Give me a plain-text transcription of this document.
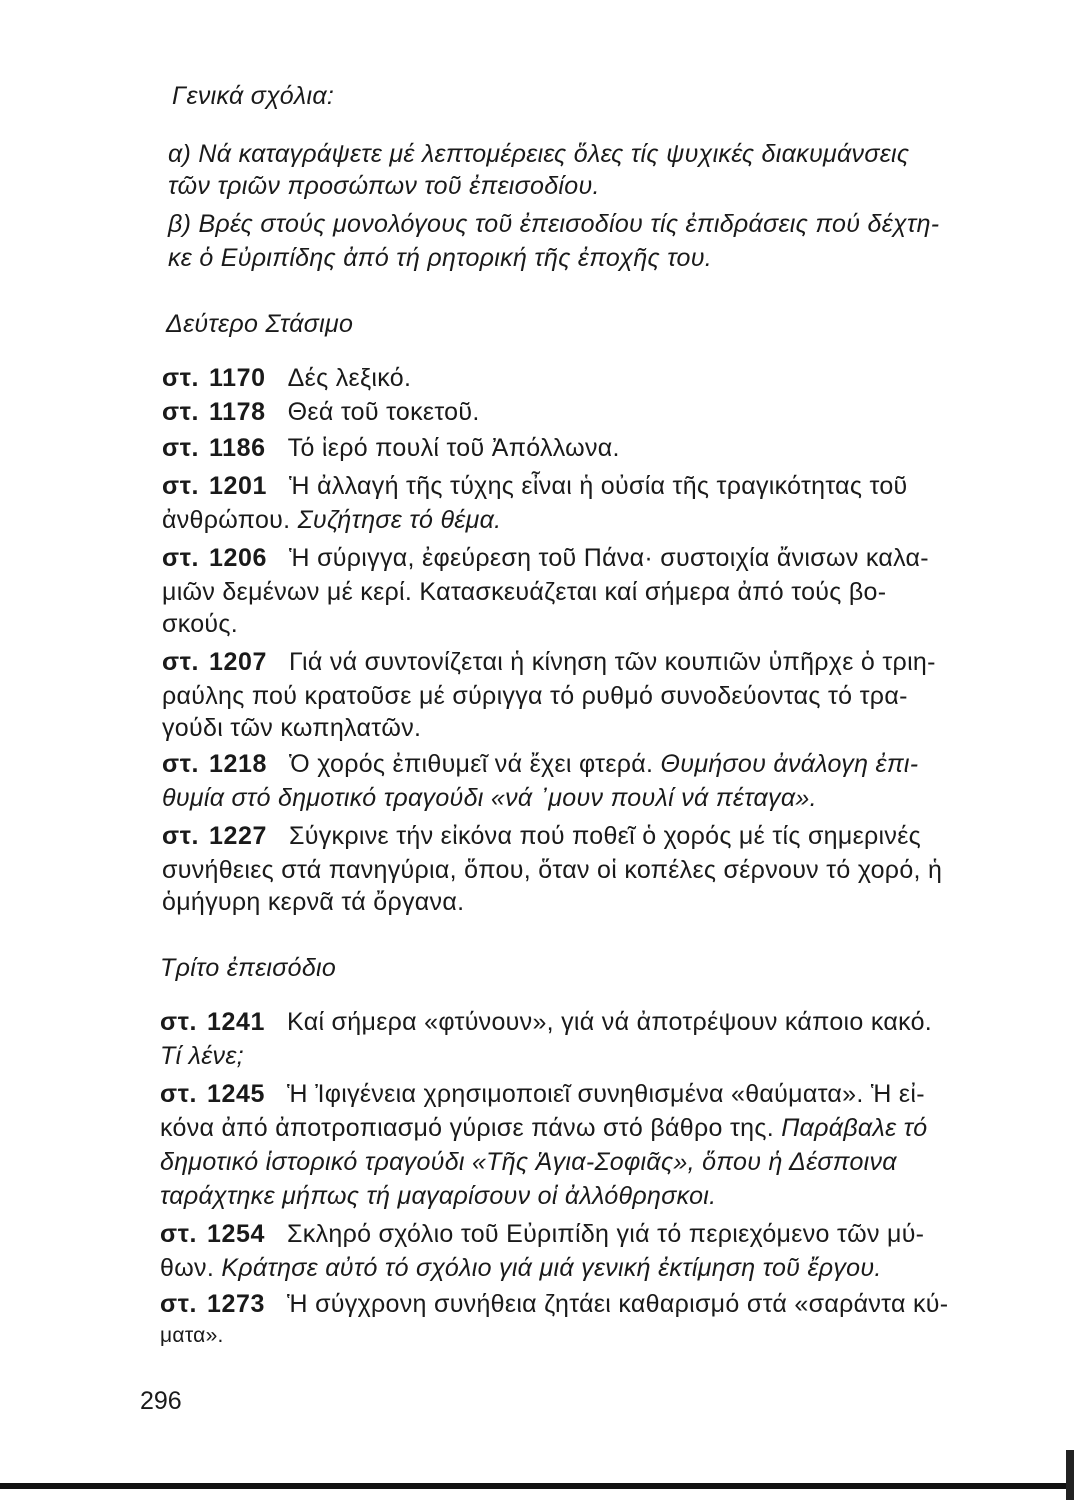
Γενικά σχόλια:

α) Νά καταγράψετε μέ λεπτομέρειες ὅλες τίς ψυχικές διακυμάνσεις

τῶν τριῶν προσώπων τοῦ ἐπεισοδίου.

β) Βρές στούς μονολόγους τοῦ ἐπεισοδίου τίς ἐπιδράσεις πού δέχτη-

κε ὁ Εὐριπίδης ἀπό τή ρητορική τῆς ἐποχῆς του.

Δεύτερο Στάσιμο

στ. 1170 Δές λεξικό.

στ. 1178 Θεά τοῦ τοκετοῦ.

στ. 1186 Τό ἱερό πουλί τοῦ Ἀπόλλωνα.

στ. 1201 Ἡ ἀλλαγή τῆς τύχης εἶναι ἡ οὐσία τῆς τραγικότητας τοῦ

ἀνθρώπου. Συζήτησε τό θέμα.

στ. 1206 Ἡ σύριγγα, ἐφεύρεση τοῦ Πάνα· συστοιχία ἄνισων καλα-

μιῶν δεμένων μέ κερί. Κατασκευάζεται καί σήμερα ἀπό τούς βο-

σκούς.

στ. 1207 Γιά νά συντονίζεται ἡ κίνηση τῶν κουπιῶν ὑπῆρχε ὁ τριη-

ραύλης πού κρατοῦσε μέ σύριγγα τό ρυθμό συνοδεύοντας τό τρα-

γούδι τῶν κωπηλατῶν.

στ. 1218 Ὁ χορός ἐπιθυμεῖ νά ἔχει φτερά. Θυμήσου ἀνάλογη ἐπι-

θυμία στό δημοτικό τραγούδι «νά ᾽μουν πουλί νά πέταγα».

στ. 1227 Σύγκρινε τήν εἰκόνα πού ποθεῖ ὁ χορός μέ τίς σημερινές

συνήθειες στά πανηγύρια, ὅπου, ὅταν οἱ κοπέλες σέρνουν τό χορό, ἡ

ὁμήγυρη κερνᾶ τά ὄργανα.

Τρίτο ἐπεισόδιο

στ. 1241 Καί σήμερα «φτύνουν», γιά νά ἀποτρέψουν κάποιο κακό.

Τί λένε;

στ. 1245 Ἡ Ἰφιγένεια χρησιμοποιεῖ συνηθισμένα «θαύματα». Ἡ εἰ-

κόνα ἀπό ἀποτροπιασμό γύρισε πάνω στό βάθρο της. Παράβαλε τό

δημοτικό ἱστορικό τραγούδι «Τῆς Ἁγια-Σοφιᾶς», ὅπου ἡ Δέσποινα

ταράχτηκε μήπως τή μαγαρίσουν οἱ ἀλλόθρησκοι.

στ. 1254 Σκληρό σχόλιο τοῦ Εὐριπίδη γιά τό περιεχόμενο τῶν μύ-

θων. Κράτησε αὐτό τό σχόλιο γιά μιά γενική ἐκτίμηση τοῦ ἔργου.

στ. 1273 Ἡ σύγχρονη συνήθεια ζητάει καθαρισμό στά «σαράντα κύ-

ματα».

296
